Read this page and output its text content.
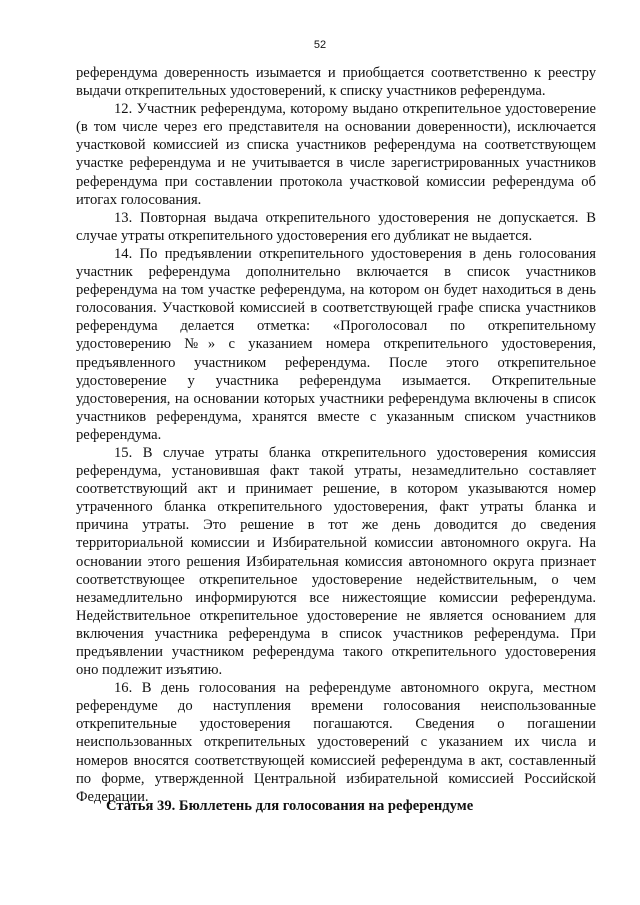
52

референдума доверенность изымается и приобщается соответственно к реестру выдачи открепительных удостоверений, к списку участников референдума.

12. Участник референдума, которому выдано открепительное удостоверение (в том числе через его представителя на основании доверенности), исключается участковой комиссией из списка участников референдума на соответствующем участке референдума и не учитывается в числе зарегистрированных участников референдума при составлении протокола участковой комиссии референдума об итогах голосования.

13. Повторная выдача открепительного удостоверения не допускается. В случае утраты открепительного удостоверения его дубликат не выдается.

14. По предъявлении открепительного удостоверения в день голосования участник референдума дополнительно включается в список участников референдума на том участке референдума, на котором он будет находиться в день голосования. Участковой комиссией в соответствующей графе списка участников референдума делается отметка: «Проголосовал по открепительному удостоверению №» с указанием номера открепительного удостоверения, предъявленного участником референдума. После этого открепительное удостоверение у участника референдума изымается. Открепительные удостоверения, на основании которых участники референдума включены в список участников референдума, хранятся вместе с указанным списком участников референдума.

15. В случае утраты бланка открепительного удостоверения комиссия референдума, установившая факт такой утраты, незамедлительно составляет соответствующий акт и принимает решение, в котором указываются номер утраченного бланка открепительного удостоверения, факт утраты бланка и причина утраты. Это решение в тот же день доводится до сведения территориальной комиссии и Избирательной комиссии автономного округа. На основании этого решения Избирательная комиссия автономного округа признает соответствующее открепительное удостоверение недействительным, о чем незамедлительно информируются все нижестоящие комиссии референдума. Недействительное открепительное удостоверение не является основанием для включения участника референдума в список участников референдума. При предъявлении участником референдума такого открепительного удостоверения оно подлежит изъятию.

16. В день голосования на референдуме автономного округа, местном референдуме до наступления времени голосования неиспользованные открепительные удостоверения погашаются. Сведения о погашении неиспользованных открепительных удостоверений с указанием их числа и номеров вносятся соответствующей комиссией референдума в акт, составленный по форме, утвержденной Центральной избирательной комиссией Российской Федерации.

Статья 39. Бюллетень для голосования на референдуме
